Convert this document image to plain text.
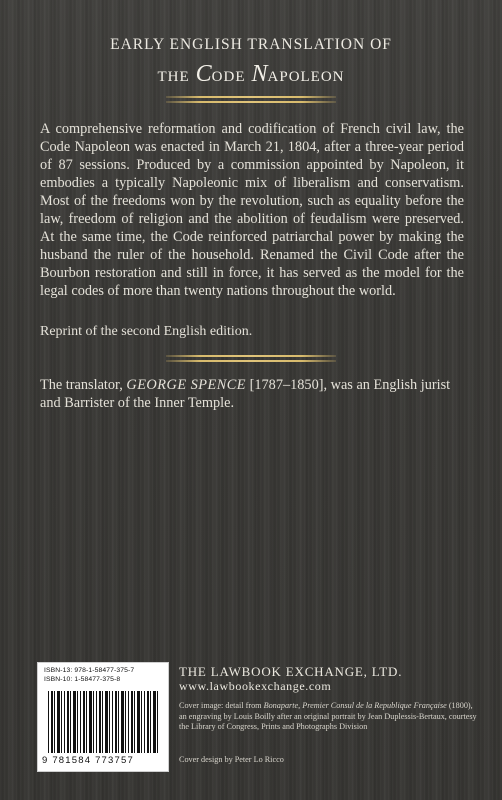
EARLY ENGLISH TRANSLATION OF
THE CODE NAPOLEON

A comprehensive reformation and codification of French civil law, the Code Napoleon was enacted in March 21, 1804, after a three-year period of 87 sessions. Produced by a commission appointed by Napoleon, it embodies a typically Napoleonic mix of liberalism and conservatism. Most of the freedoms won by the revolution, such as equality before the law, freedom of religion and the abolition of feudalism were preserved. At the same time, the Code reinforced patriarchal power by making the husband the ruler of the household. Renamed the Civil Code after the Bourbon restoration and still in force, it has served as the model for the legal codes of more than twenty nations throughout the world.

Reprint of the second English edition.
The translator, GEORGE SPENCE [1787–1850], was an English jurist and Barrister of the Inner Temple.
ISBN-13: 978-1-58477-375-7
ISBN-10: 1-58477-375-8
9 781584 773757
THE LAWBOOK EXCHANGE, LTD.
www.lawbookexchange.com
Cover image: detail from Bonaparte, Premier Consul de la Republique Française (1800), an engraving by Louis Boilly after an original portrait by Jean Duplessis-Bertaux, courtesy the Library of Congress, Prints and Photographs Division
Cover design by Peter Lo Ricco
